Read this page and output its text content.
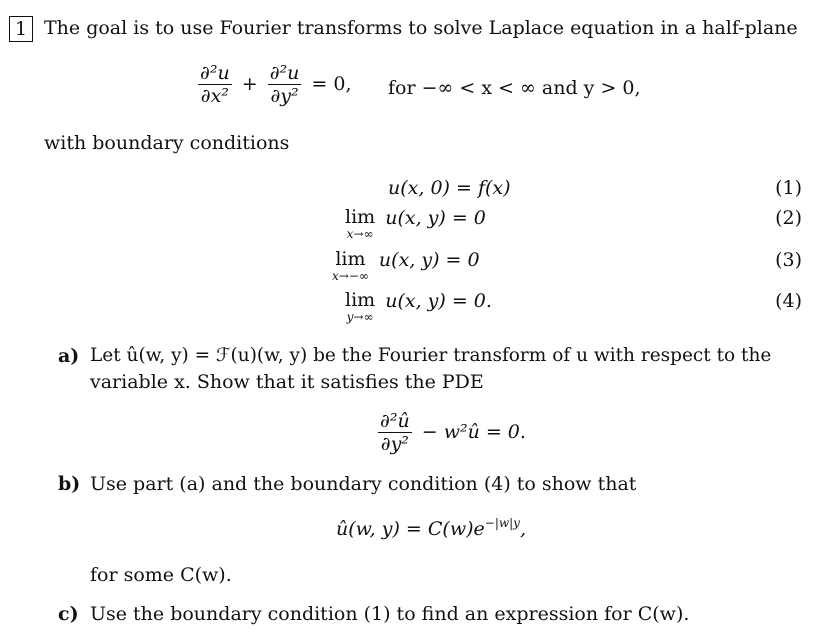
1 The goal is to use Fourier transforms to solve Laplace equation in a half-plane
$\frac{\text{∂²u}}{\text{∂x²}} + \frac{\text{∂²u}}{\text{∂y²}} = 0$, for −∞ < x < ∞ and y > 0,
with boundary conditions
u(x, 0) = f(x)	(1)
lim
x→∞
u(x, y) = 0	(2)
lim
x→−∞
u(x, y) = 0	(3)
lim
y→∞
u(x, y) = 0.	(4)
a) Let û(w, y) = ℱ(u)(w, y) be the Fourier transform of u with respect to the
variable x. Show that it satisfies the PDE
$\frac{\text{∂²û}}{\text{∂y²}}$ − w²û = 0.
b) Use part (a) and the boundary condition (4) to show that
û(w, $y) = C(w)e^{-|w|y}$,
for some C(w).
c) Use the boundary condition (1) to find an expression for C(w).
